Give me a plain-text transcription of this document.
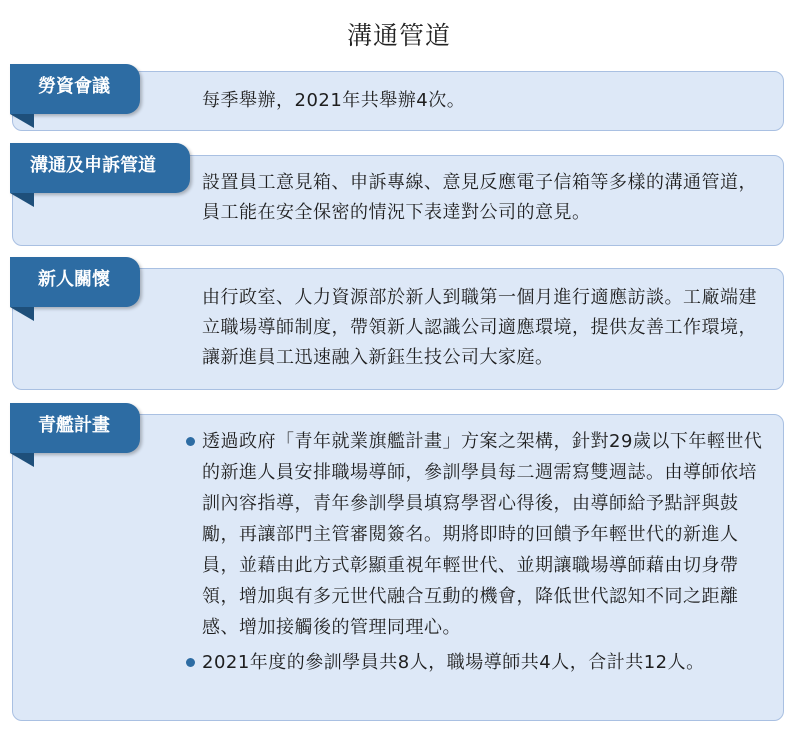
溝通管道
勞資會議
每季舉辦，2021年共舉辦4次。
溝通及申訴管道
設置員工意見箱、申訴專線、意見反應電子信箱等多樣的溝通管道，員工能在安全保密的情況下表達對公司的意見。
新人關懷
由行政室、人力資源部於新人到職第一個月進行適應訪談。工廠端建立職場導師制度，帶領新人認識公司適應環境，提供友善工作環境，讓新進員工迅速融入新鈺生技公司大家庭。
青艦計畫
透過政府「青年就業旗艦計畫」方案之架構，針對29歲以下年輕世代的新進人員安排職場導師，參訓學員每二週需寫雙週誌。由導師依培訓內容指導，青年參訓學員填寫學習心得後，由導師給予點評與鼓勵，再讓部門主管審閱簽名。期將即時的回饋予年輕世代的新進人員，並藉由此方式彰顯重視年輕世代、並期讓職場導師藉由切身帶領，增加與有多元世代融合互動的機會，降低世代認知不同之距離感、增加接觸後的管理同理心。
2021年度的參訓學員共8人，職場導師共4人，合計共12人。
